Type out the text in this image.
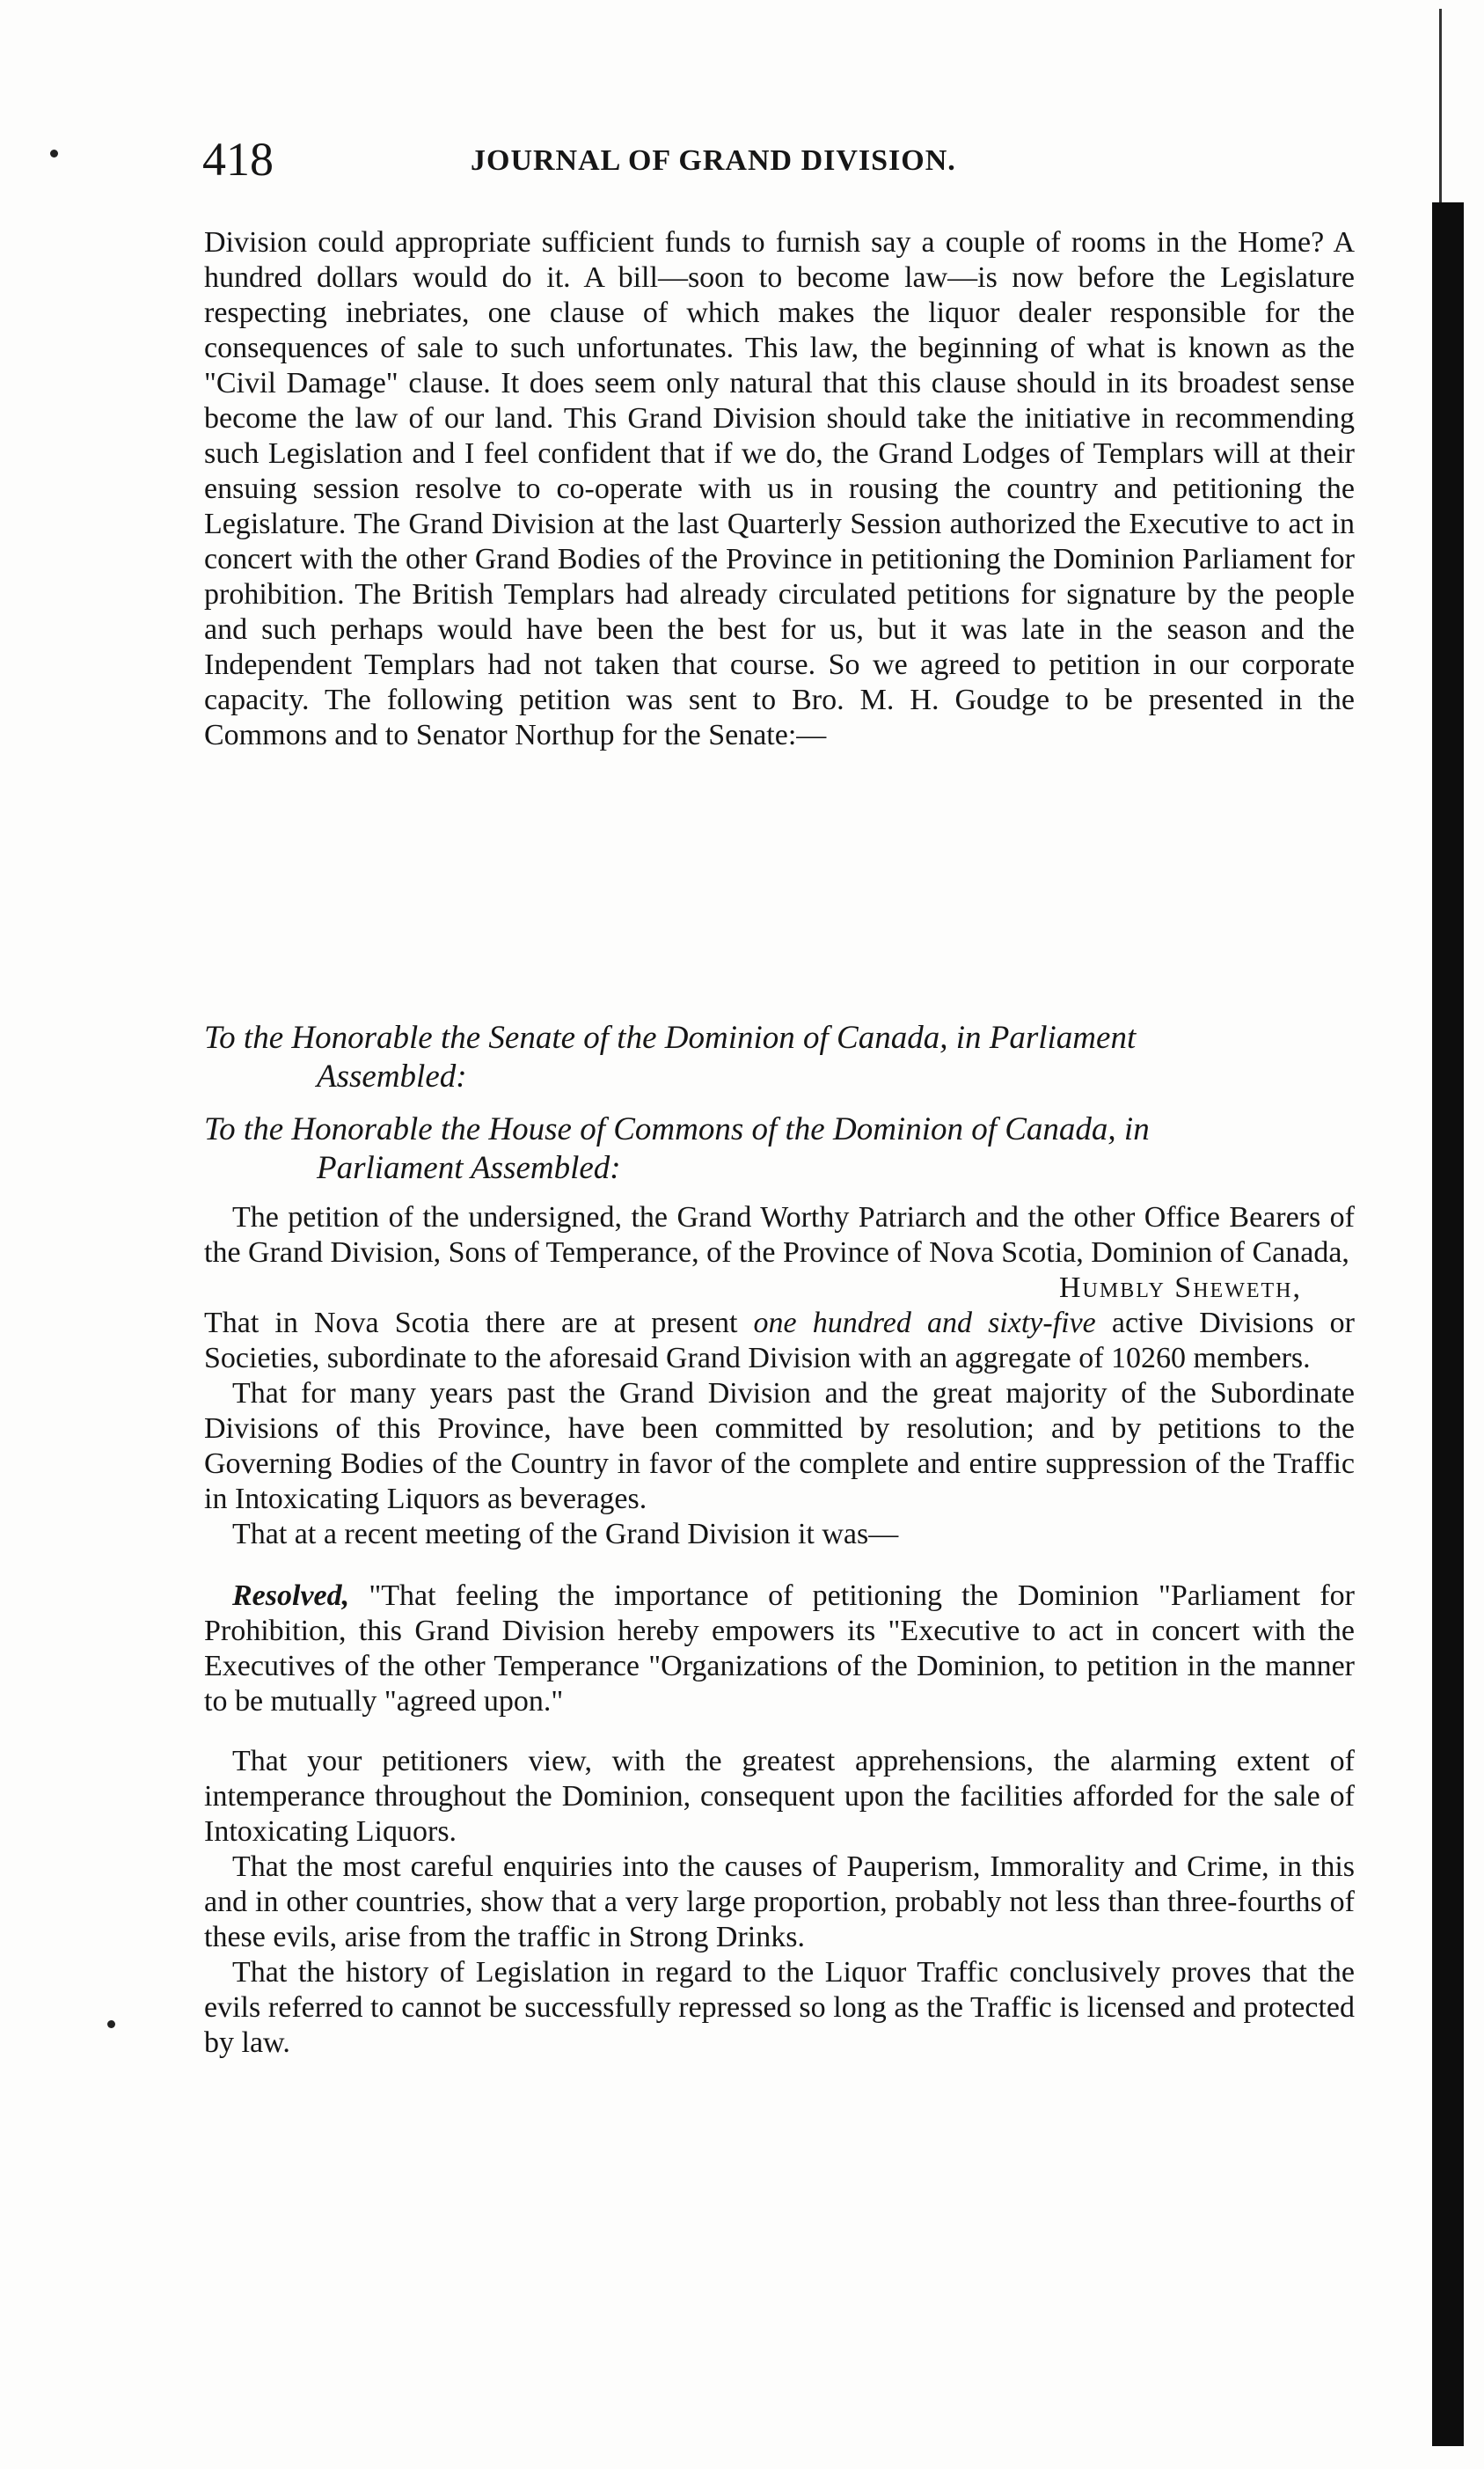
418	JOURNAL OF GRAND DIVISION.

Division could appropriate sufficient funds to furnish say a couple of rooms in the Home? A hundred dollars would do it. A bill—soon to become law—is now before the Legislature respecting inebriates, one clause of which makes the liquor dealer responsible for the consequences of sale to such unfortunates. This law, the beginning of what is known as the "Civil Damage" clause. It does seem only natural that this clause should in its broadest sense become the law of our land. This Grand Division should take the initiative in recommending such Legislation and I feel confident that if we do, the Grand Lodges of Templars will at their ensuing session resolve to co-operate with us in rousing the country and petitioning the Legislature. The Grand Division at the last Quarterly Session authorized the Executive to act in concert with the other Grand Bodies of the Province in petitioning the Dominion Parliament for prohibition. The British Templars had already circulated petitions for signature by the people and such perhaps would have been the best for us, but it was late in the season and the Independent Templars had not taken that course. So we agreed to petition in our corporate capacity. The following petition was sent to Bro. M. H. Goudge to be presented in the Commons and to Senator Northup for the Senate:—

To the Honorable the Senate of the Dominion of Canada, in Parliament
Assembled:
To the Honorable the House of Commons of the Dominion of Canada, in
Parliament Assembled:

The petition of the undersigned, the Grand Worthy Patriarch and the other Office Bearers of the Grand Division, Sons of Temperance, of the Province of Nova Scotia, Dominion of Canada,

Humbly Sheweth,

That in Nova Scotia there are at present one hundred and sixty-five active Divisions or Societies, subordinate to the aforesaid Grand Division with an aggregate of 10260 members.

That for many years past the Grand Division and the great majority of the Subordinate Divisions of this Province, have been committed by resolution; and by petitions to the Governing Bodies of the Country in favor of the complete and entire suppression of the Traffic in Intoxicating Liquors as beverages.

That at a recent meeting of the Grand Division it was—

Resolved, "That feeling the importance of petitioning the Dominion "Parliament for Prohibition, this Grand Division hereby empowers its "Executive to act in concert with the Executives of the other Temperance "Organizations of the Dominion, to petition in the manner to be mutually "agreed upon."

That your petitioners view, with the greatest apprehensions, the alarming extent of intemperance throughout the Dominion, consequent upon the facilities afforded for the sale of Intoxicating Liquors.

That the most careful enquiries into the causes of Pauperism, Immorality and Crime, in this and in other countries, show that a very large proportion, probably not less than three-fourths of these evils, arise from the traffic in Strong Drinks.

That the history of Legislation in regard to the Liquor Traffic conclusively proves that the evils referred to cannot be successfully repressed so long as the Traffic is licensed and protected by law.
